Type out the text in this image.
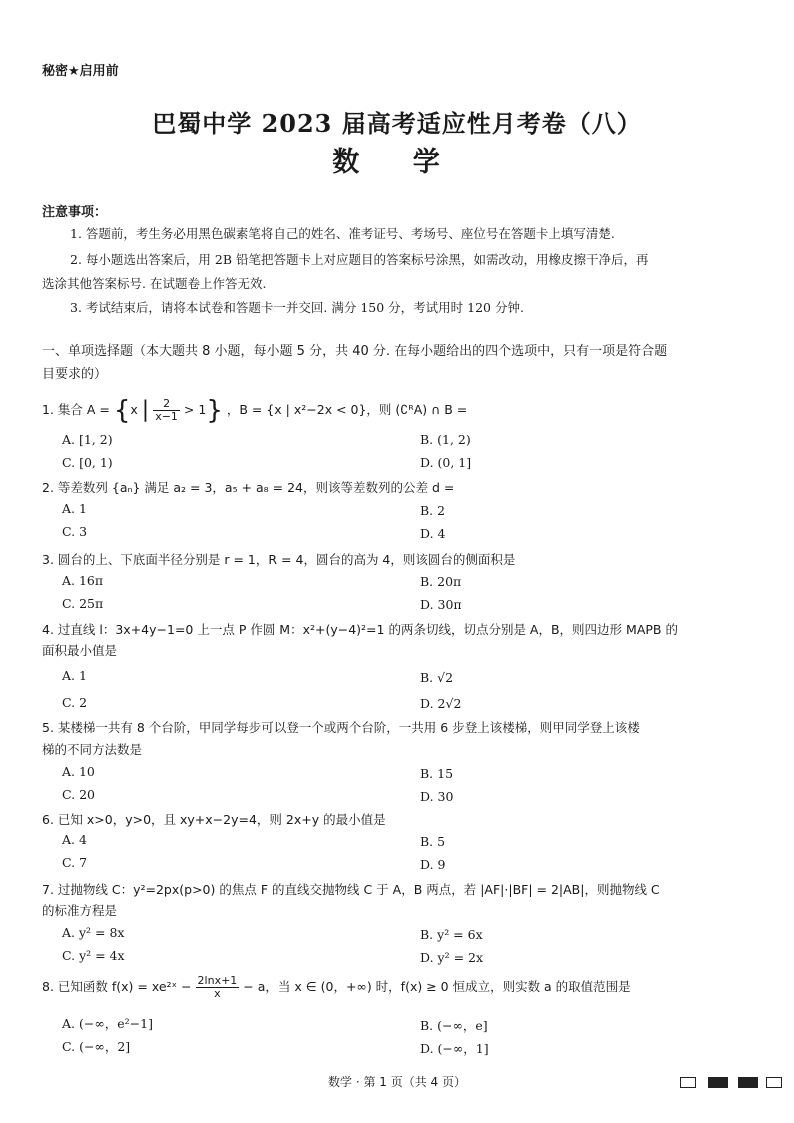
秘密★启用前
巴蜀中学 2023 届高考适应性月考卷（八）
数 学
注意事项：
1. 答题前，考生务必用黑色碳素笔将自己的姓名、准考证号、考场号、座位号在答题卡上填写清楚.
2. 每小题选出答案后，用 2B 铅笔把答题卡上对应题目的答案标号涂黑，如需改动，用橡皮擦干净后，再
选涂其他答案标号. 在试题卷上作答无效.
3. 考试结束后，请将本试卷和答题卡一并交回. 满分 150 分，考试用时 120 分钟.
一、单项选择题（本大题共 8 小题，每小题 5 分，共 40 分. 在每小题给出的四个选项中，只有一项是符合题
目要求的）
1. 集合 A = {x | $\frac{2}{x-1} > 1$} ，B = {x | x²−2x < 0}，则 (∁ᴿA) ∩ B =
A. [1, 2)	B. (1, 2)
C. [0, 1)	D. (0, 1]
2. 等差数列 {aₙ} 满足 a₂ = 3，a₅ + a₈ = 24，则该等差数列的公差 d =
A. 1	B. 2
C. 3	D. 4
3. 圆台的上、下底面半径分别是 r = 1，R = 4，圆台的高为 4，则该圆台的侧面积是
A. 16π	B. 20π
C. 25π	D. 30π
4. 过直线 l：3x+4y−1=0 上一点 P 作圆 M：x²+(y−4)²=1 的两条切线，切点分别是 A，B，则四边形 MAPB 的
面积最小值是
A. 1	B. √2
C. 2	D. 2√2
5. 某楼梯一共有 8 个台阶，甲同学每步可以登一个或两个台阶，一共用 6 步登上该楼梯，则甲同学登上该楼
梯的不同方法数是
A. 10	B. 15
C. 20	D. 30
6. 已知 x>0，y>0，且 xy+x−2y=4，则 2x+y 的最小值是
A. 4	B. 5
C. 7	D. 9
7. 过抛物线 C：y²=2px(p>0) 的焦点 F 的直线交抛物线 C 于 A，B 两点，若 |AF|·|BF| = 2|AB|，则抛物线 C
的标准方程是
A. y² = 8x	B. y² = 6x
C. y² = 4x	D. y² = 2x
8. 已知函数 f(x) = xe²ˣ − $\frac{2\ln x+1}{x} - a$，当 x ∈ (0，+∞) 时，f(x) ≥ 0 恒成立，则实数 a 的取值范围是
A. (−∞，e²−1]	B. (−∞，e]
C. (−∞，2]	D. (−∞，1]
数学 · 第 1 页（共 4 页）
